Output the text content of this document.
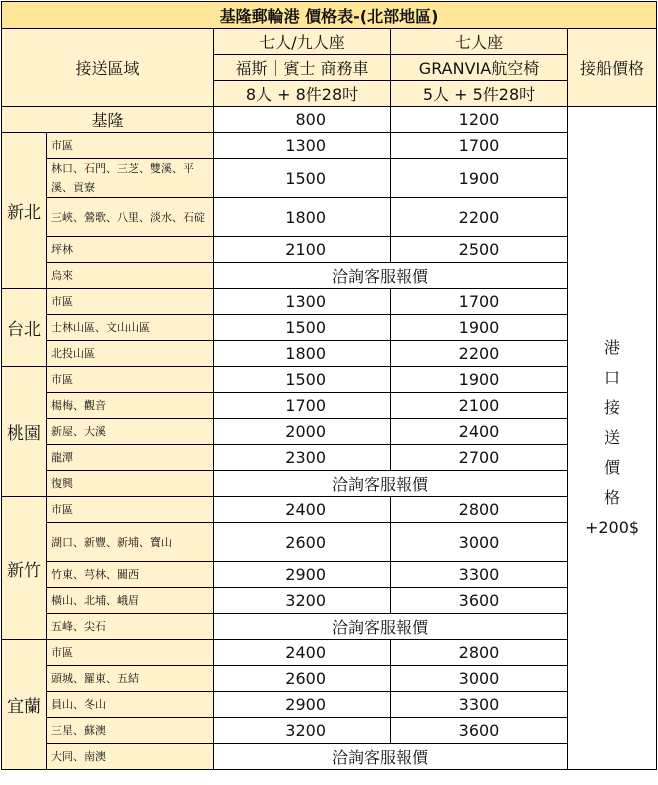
基隆郵輪港 價格表-(北部地區)				
接送區域		七人/九人座	七人座	接船價格
		福斯｜賓士 商務車	GRANVIA航空椅	
		8人 + 8件28吋	5人 + 5件28吋	
基隆	800	1200	
港
口
接
送
價
格
+200$

新北	市區	1300	1700	
	林口、石門、三芝、雙溪、平溪、貢寮	1500	1900	
	三峽、鶯歌、八里、淡水、石碇	1800	2200	
	坪林	2100	2500	
	烏來	洽詢客服報價		
台北	市區	1300	1700	
	士林山區、文山山區	1500	1900	
	北投山區	1800	2200	
桃園	市區	1500	1900	
	楊梅、觀音	1700	2100	
	新屋、大溪	2000	2400	
	龍潭	2300	2700	
	復興	洽詢客服報價		
新竹	市區	2400	2800	
	湖口、新豐、新埔、寶山	2600	3000	
	竹東、芎林、關西	2900	3300	
	橫山、北埔、峨眉	3200	3600	
	五峰、尖石	洽詢客服報價		
宜蘭	市區	2400	2800	
	頭城、羅東、五結	2600	3000	
	員山、冬山	2900	3300	
	三星、蘇澳	3200	3600	
	大同、南澳	洽詢客服報價		
